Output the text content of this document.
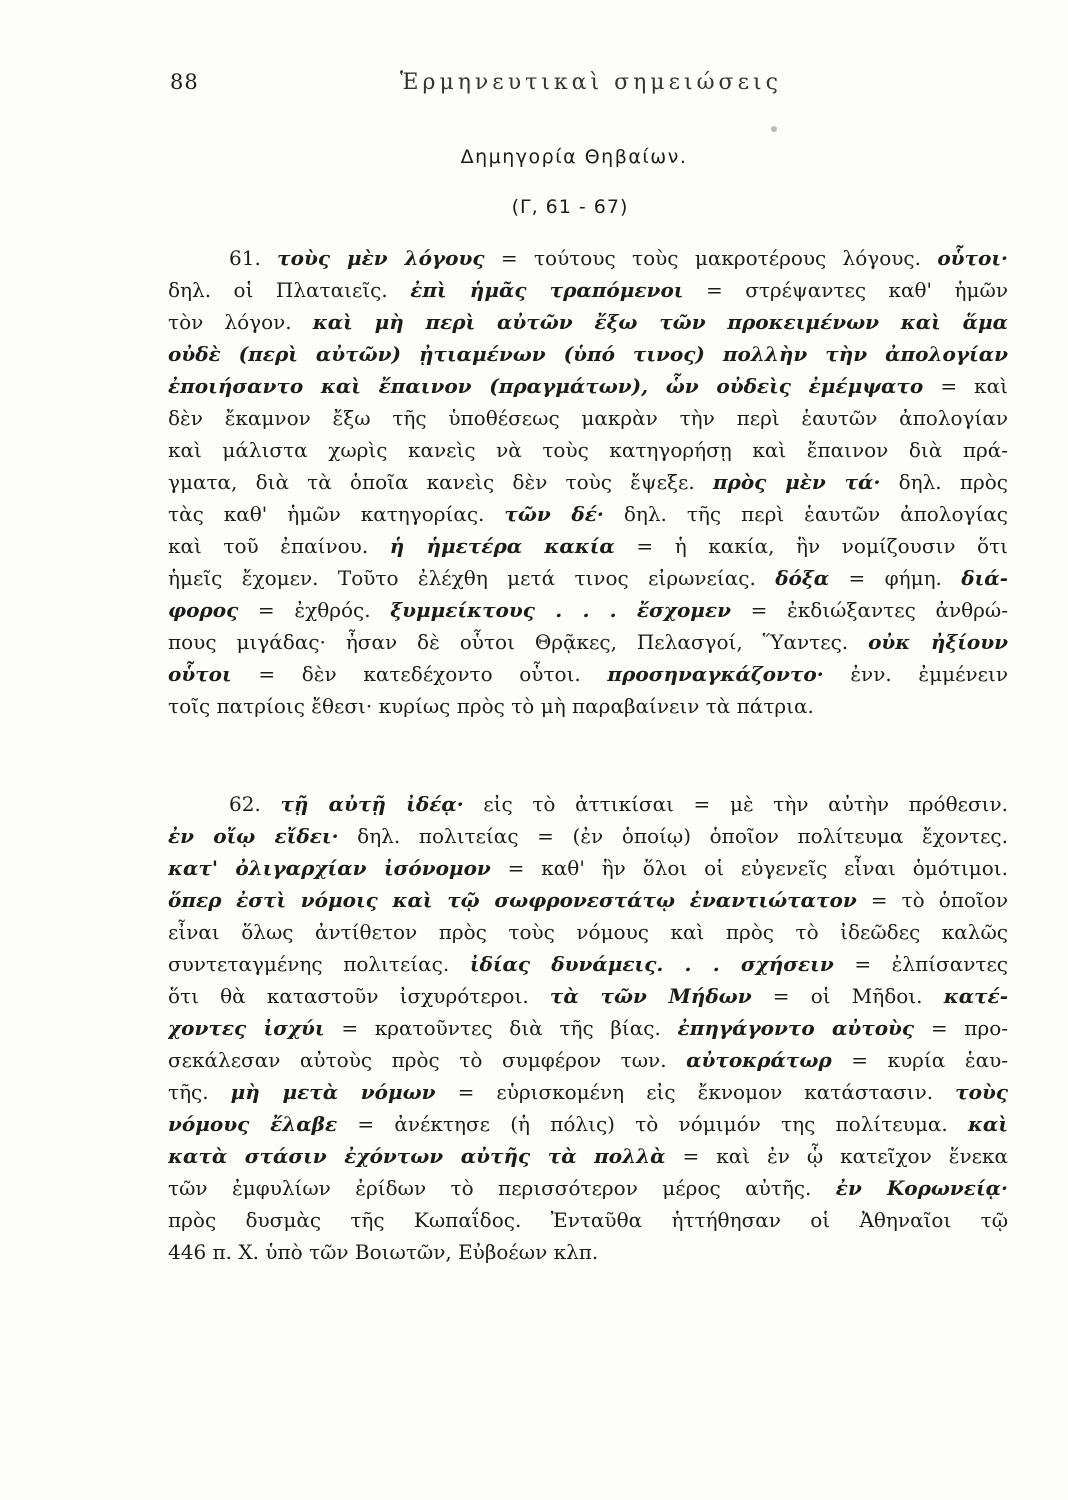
88	Ἑρμηνευτικαὶ σημειώσεις
Δημηγορία Θηβαίων.
(Γ, 61 - 67)
61. τοὺς μὲν λόγους = τούτους τοὺς μακροτέρους λόγους. οὗτοι·
δηλ. οἱ Πλαταιεῖς. ἐπὶ ἡμᾶς τραπόμενοι = στρέψαντες καθ' ἡμῶν
τὸν λόγον. καὶ μὴ περὶ αὐτῶν ἔξω τῶν προκειμένων καὶ ἅμα
οὐδὲ (περὶ αὐτῶν) ᾐτιαμένων (ὑπό τινος) πολλὴν τὴν ἀπολογίαν
ἐποιήσαντο καὶ ἔπαινον (πραγμάτων), ὧν οὐδεὶς ἐμέμψατο = καὶ
δὲν ἔκαμνον ἔξω τῆς ὑποθέσεως μακρὰν τὴν περὶ ἑαυτῶν ἀπολογίαν
καὶ μάλιστα χωρὶς κανεὶς νὰ τοὺς κατηγορήσῃ καὶ ἔπαινον διὰ πρά-
γματα, διὰ τὰ ὁποῖα κανεὶς δὲν τοὺς ἔψεξε. πρὸς μὲν τά· δηλ. πρὸς
τὰς καθ' ἡμῶν κατηγορίας. τῶν δέ· δηλ. τῆς περὶ ἑαυτῶν ἀπολογίας
καὶ τοῦ ἐπαίνου. ἡ ἡμετέρα κακία = ἡ κακία, ἣν νομίζουσιν ὅτι
ἡμεῖς ἔχομεν. Τοῦτο ἐλέχθη μετά τινος εἰρωνείας. δόξα = φήμη. διά-
φορος = ἐχθρός. ξυμμείκτους . . . ἔσχομεν = ἐκδιώξαντες ἀνθρώ-
πους μιγάδας· ἦσαν δὲ οὗτοι Θρᾷκες, Πελασγοί, Ὕαντες. οὐκ ἠξίουν
οὗτοι = δὲν κατεδέχοντο οὗτοι. προσηναγκάζοντο· ἐνν. ἐμμένειν
τοῖς πατρίοις ἔθεσι· κυρίως πρὸς τὸ μὴ παραβαίνειν τὰ πάτρια.
62. τῇ αὐτῇ ἰδέᾳ· εἰς τὸ ἀττικίσαι = μὲ τὴν αὐτὴν πρόθεσιν.
ἐν οἴῳ εἴδει· δηλ. πολιτείας = (ἐν ὁποίῳ) ὁποῖον πολίτευμα ἔχοντες.
κατ' ὀλιγαρχίαν ἰσόνομον = καθ' ἣν ὅλοι οἱ εὐγενεῖς εἶναι ὁμότιμοι.
ὅπερ ἐστὶ νόμοις καὶ τῷ σωφρονεστάτῳ ἐναντιώτατον = τὸ ὁποῖον
εἶναι ὅλως ἀντίθετον πρὸς τοὺς νόμους καὶ πρὸς τὸ ἰδεῶδες καλῶς
συντεταγμένης πολιτείας. ἰδίας δυνάμεις. . . σχήσειν = ἐλπίσαντες
ὅτι θὰ καταστοῦν ἰσχυρότεροι. τὰ τῶν Μήδων = οἱ Μῆδοι. κατέ-
χοντες ἰσχύι = κρατοῦντες διὰ τῆς βίας. ἐπηγάγοντο αὐτοὺς = προ-
σεκάλεσαν αὐτοὺς πρὸς τὸ συμφέρον των. αὐτοκράτωρ = κυρία ἑαυ-
τῆς. μὴ μετὰ νόμων = εὑρισκομένη εἰς ἔκνομον κατάστασιν. τοὺς
νόμους ἔλαβε = ἀνέκτησε (ἡ πόλις) τὸ νόμιμόν της πολίτευμα. καὶ
κατὰ στάσιν ἐχόντων αὐτῆς τὰ πολλὰ = καὶ ἐν ᾧ κατεῖχον ἕνεκα
τῶν ἐμφυλίων ἐρίδων τὸ περισσότερον μέρος αὐτῆς. ἐν Κορωνείᾳ·
πρὸς δυσμὰς τῆς Κωπαΐδος. Ἐνταῦθα ἡττήθησαν οἱ Ἀθηναῖοι τῷ
446 π. Χ. ὑπὸ τῶν Βοιωτῶν, Εὐβοέων κλπ.
